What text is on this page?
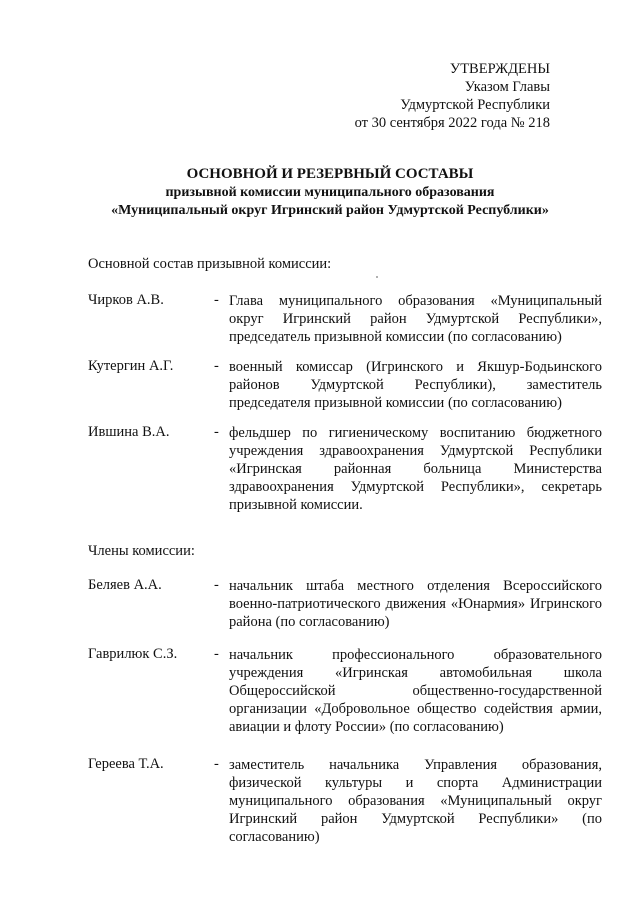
УТВЕРЖДЕНЫ
Указом Главы
Удмуртской Республики
от 30 сентября 2022 года № 218
ОСНОВНОЙ И РЕЗЕРВНЫЙ СОСТАВЫ
призывной комиссии муниципального образования
«Муниципальный округ Игринский район Удмуртской Республики»
Основной состав призывной комиссии:
Чирков А.В.	- Глава муниципального образования «Муниципальный округ Игринский район Удмуртской Республики», председатель призывной комиссии (по согласованию)
Кутергин А.Г.	- военный комиссар (Игринского и Якшур-Бодьинского районов Удмуртской Республики), заместитель председателя призывной комиссии (по согласованию)
Ившина В.А.	- фельдшер по гигиеническому воспитанию бюджетного учреждения здравоохранения Удмуртской Республики «Игринская районная больница Министерства здравоохранения Удмуртской Республики», секретарь призывной комиссии.
Члены комиссии:
Беляев А.А.	- начальник штаба местного отделения Всероссийского военно-патриотического движения «Юнармия» Игринского района (по согласованию)
Гаврилюк С.З.	- начальник профессионального образовательного учреждения «Игринская автомобильная школа Общероссийской общественно-государственной организации «Добровольное общество содействия армии, авиации и флоту России» (по согласованию)
Гереева Т.А.	- заместитель начальника Управления образования, физической культуры и спорта Администрации муниципального образования «Муниципальный округ Игринский район Удмуртской Республики» (по согласованию)
